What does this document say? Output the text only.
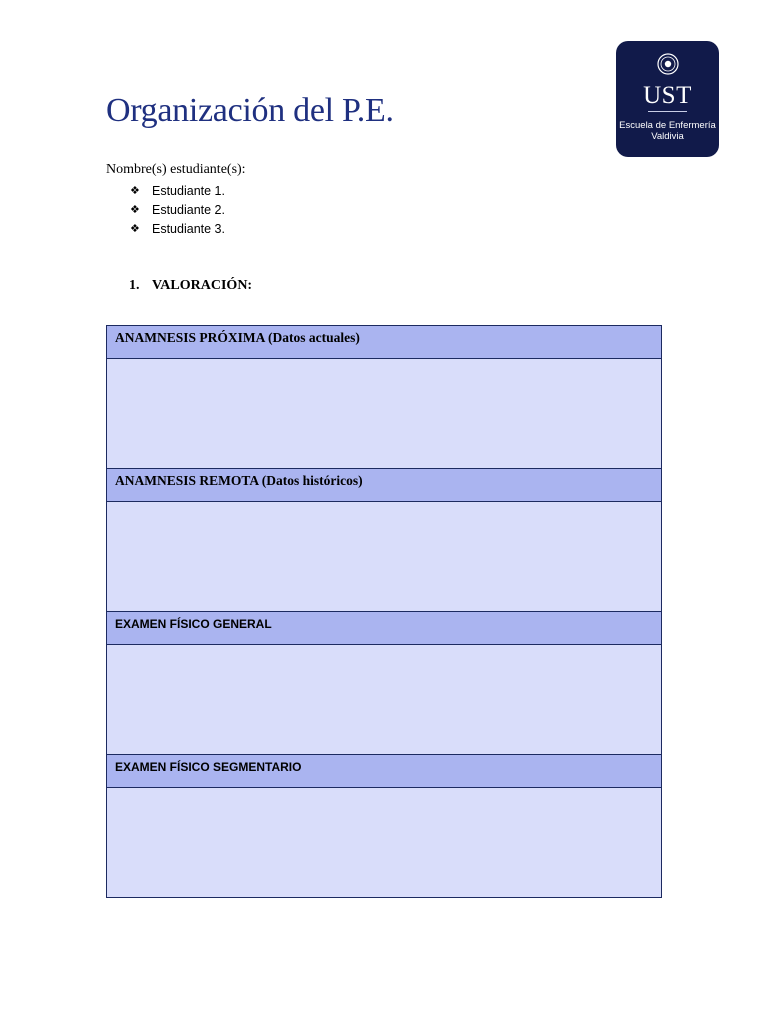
Organización del P.E.	UST
Escuela de Enfermería
Valdivia
Nombre(s) estudiante(s):
❖ Estudiante 1.
❖ Estudiante 2.
❖ Estudiante 3.
1. VALORACIÓN:
ANAMNESIS PRÓXIMA (Datos actuales)

ANAMNESIS REMOTA (Datos históricos)

EXAMEN FÍSICO GENERAL

EXAMEN FÍSICO SEGMENTARIO
